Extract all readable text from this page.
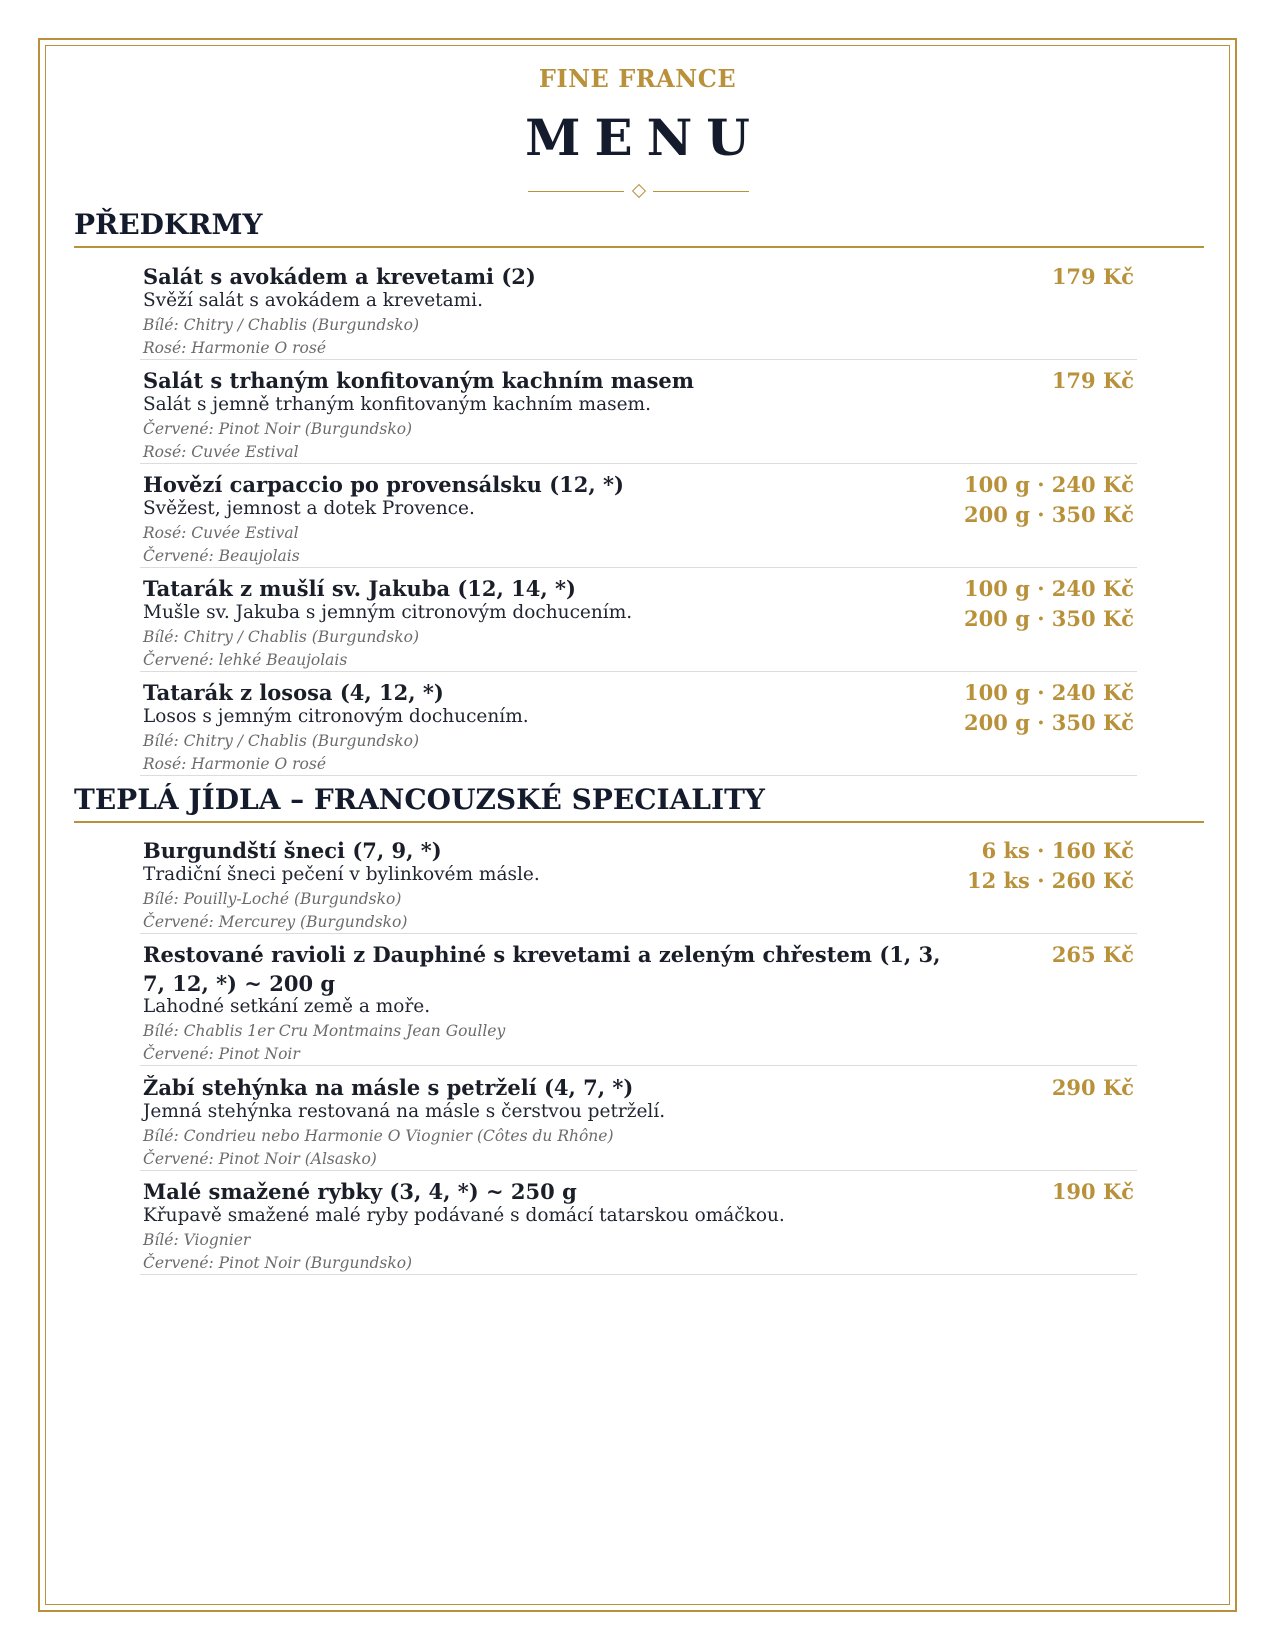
FINE FRANCE
MENU
PŘEDKRMY
Salát s avokádem a krevetami (2)
Svěží salát s avokádem a krevetami.
Bílé: Chitry / Chablis (Burgundsko)
Rosé: Harmonie O rosé
179 Kč
Salát s trhaným konfitovaným kachním masem
Salát s jemně trhaným konfitovaným kachním masem.
Červené: Pinot Noir (Burgundsko)
Rosé: Cuvée Estival
179 Kč
Hovězí carpaccio po provensálsku (12, *)
Svěžest, jemnost a dotek Provence.
Rosé: Cuvée Estival
Červené: Beaujolais
100 g · 240 Kč
200 g · 350 Kč
Tatarák z mušlí sv. Jakuba (12, 14, *)
Mušle sv. Jakuba s jemným citronovým dochucením.
Bílé: Chitry / Chablis (Burgundsko)
Červené: lehké Beaujolais
100 g · 240 Kč
200 g · 350 Kč
Tatarák z lososa (4, 12, *)
Losos s jemným citronovým dochucením.
Bílé: Chitry / Chablis (Burgundsko)
Rosé: Harmonie O rosé
100 g · 240 Kč
200 g · 350 Kč
TEPLÁ JÍDLA – FRANCOUZSKÉ SPECIALITY
Burgundští šneci (7, 9, *)
Tradiční šneci pečení v bylinkovém másle.
Bílé: Pouilly-Loché (Burgundsko)
Červené: Mercurey (Burgundsko)
6 ks · 160 Kč
12 ks · 260 Kč
Restované ravioli z Dauphiné s krevetami a zeleným chřestem (1, 3, 7, 12, *) ~ 200 g
Lahodné setkání země a moře.
Bílé: Chablis 1er Cru Montmains Jean Goulley
Červené: Pinot Noir
265 Kč
Žabí stehýnka na másle s petrželí (4, 7, *)
Jemná stehýnka restovaná na másle s čerstvou petrželí.
Bílé: Condrieu nebo Harmonie O Viognier (Côtes du Rhône)
Červené: Pinot Noir (Alsasko)
290 Kč
Malé smažené rybky (3, 4, *) ~ 250 g
Křupavě smažené malé ryby podávané s domácí tatarskou omáčkou.
Bílé: Viognier
Červené: Pinot Noir (Burgundsko)
190 Kč
